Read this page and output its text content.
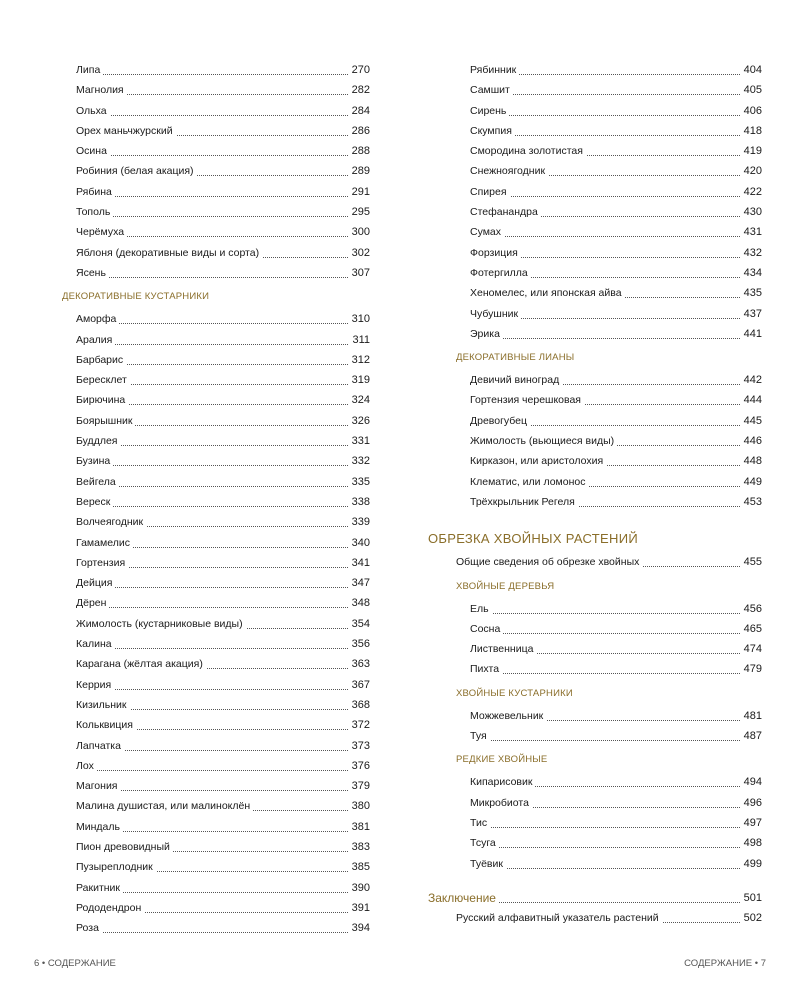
Липа	270
Магнолия	282
Ольха	284
Орех маньчжурский	286
Осина	288
Робиния (белая акация)	289
Рябина	291
Тополь	295
Черёмуха	300
Яблоня (декоративные виды и сорта)	302
Ясень	307
ДЕКОРАТИВНЫЕ КУСТАРНИКИ
Аморфа	310
Аралия	311
Барбарис	312
Бересклет	319
Бирючина	324
Боярышник	326
Буддлея	331
Бузина	332
Вейгела	335
Вереск	338
Волчеягодник	339
Гамамелис	340
Гортензия	341
Дейция	347
Дёрен	348
Жимолость (кустарниковые виды)	354
Калина	356
Карагана (жёлтая акация)	363
Керрия	367
Кизильник	368
Кольквиция	372
Лапчатка	373
Лох	376
Магония	379
Малина душистая, или малиноклён	380
Миндаль	381
Пион древовидный	383
Пузыреплодник	385
Ракитник	390
Рододендрон	391
Роза	394
Рябинник	404
Самшит	405
Сирень	406
Скумпия	418
Смородина золотистая	419
Снежноягодник	420
Спирея	422
Стефанандра	430
Сумах	431
Форзиция	432
Фотергилла	434
Хеномелес, или японская айва	435
Чубушник	437
Эрика	441
ДЕКОРАТИВНЫЕ ЛИАНЫ
Девичий виноград	442
Гортензия черешковая	444
Древогубец	445
Жимолость (вьющиеся виды)	446
Кирказон, или аристолохия	448
Клематис, или ломонос	449
Трёхкрыльник Регеля	453
ОБРЕЗКА ХВОЙНЫХ РАСТЕНИЙ
Общие сведения об обрезке хвойных	455
ХВОЙНЫЕ ДЕРЕВЬЯ
Ель	456
Сосна	465
Лиственница	474
Пихта	479
ХВОЙНЫЕ КУСТАРНИКИ
Можжевельник	481
Туя	487
РЕДКИЕ ХВОЙНЫЕ
Кипарисовик	494
Микробиота	496
Тис	497
Тсуга	498
Туёвик	499
Заключение	501
Русский алфавитный указатель растений	502
6 • СОДЕРЖАНИЕ	СОДЕРЖАНИЕ • 7
